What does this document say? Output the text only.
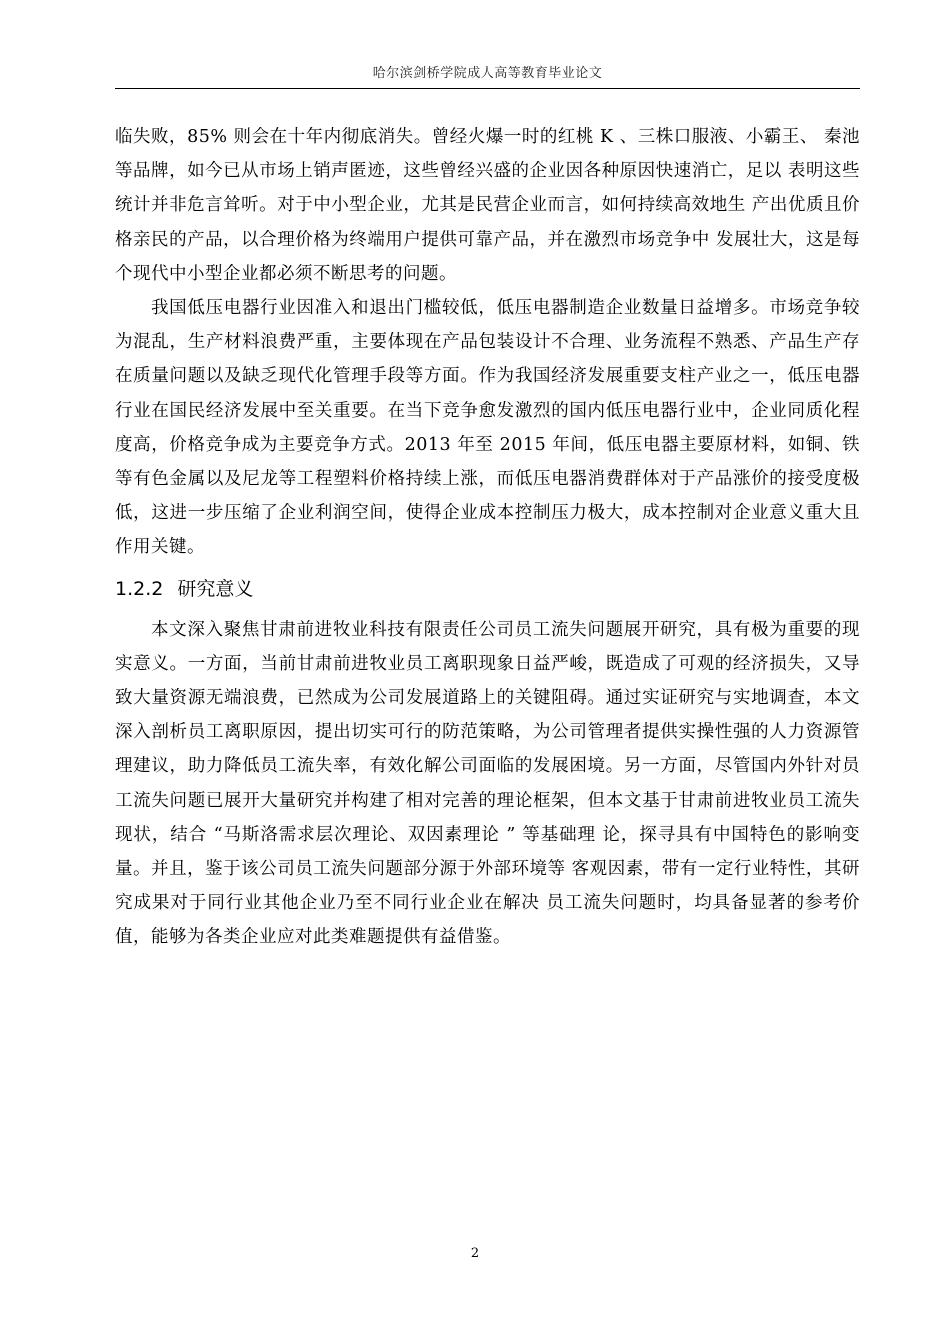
哈尔滨剑桥学院成人高等教育毕业论文

临失败，85% 则会在十年内彻底消失。曾经火爆一时的红桃 K 、三株口服液、小霸王、 秦池等品牌，如今已从市场上销声匿迹，这些曾经兴盛的企业因各种原因快速消亡，足以 表明这些统计并非危言耸听。对于中小型企业，尤其是民营企业而言，如何持续高效地生 产出优质且价格亲民的产品，以合理价格为终端用户提供可靠产品，并在激烈市场竞争中 发展壮大，这是每个现代中小型企业都必须不断思考的问题。

我国低压电器行业因准入和退出门槛较低，低压电器制造企业数量日益增多。市场竞争较为混乱，生产材料浪费严重，主要体现在产品包装设计不合理、业务流程不熟悉、产品生产存在质量问题以及缺乏现代化管理手段等方面。作为我国经济发展重要支柱产业之一，低压电器行业在国民经济发展中至关重要。在当下竞争愈发激烈的国内低压电器行业中，企业同质化程度高，价格竞争成为主要竞争方式。2013 年至 2015 年间，低压电器主要原材料，如铜、铁等有色金属以及尼龙等工程塑料价格持续上涨，而低压电器消费群体对于产品涨价的接受度极低，这进一步压缩了企业利润空间，使得企业成本控制压力极大，成本控制对企业意义重大且作用关键。

1.2.2 研究意义

本文深入聚焦甘肃前进牧业科技有限责任公司员工流失问题展开研究，具有极为重要的现实意义。一方面，当前甘肃前进牧业员工离职现象日益严峻，既造成了可观的经济损失，又导致大量资源无端浪费，已然成为公司发展道路上的关键阻碍。通过实证研究与实地调查，本文深入剖析员工离职原因，提出切实可行的防范策略，为公司管理者提供实操性强的人力资源管理建议，助力降低员工流失率，有效化解公司面临的发展困境。另一方面，尽管国内外针对员工流失问题已展开大量研究并构建了相对完善的理论框架，但本文基于甘肃前进牧业员工流失现状，结合 “马斯洛需求层次理论、双因素理论 ” 等基础理 论，探寻具有中国特色的影响变量。并且，鉴于该公司员工流失问题部分源于外部环境等 客观因素，带有一定行业特性，其研究成果对于同行业其他企业乃至不同行业企业在解决 员工流失问题时，均具备显著的参考价值，能够为各类企业应对此类难题提供有益借鉴。

2
